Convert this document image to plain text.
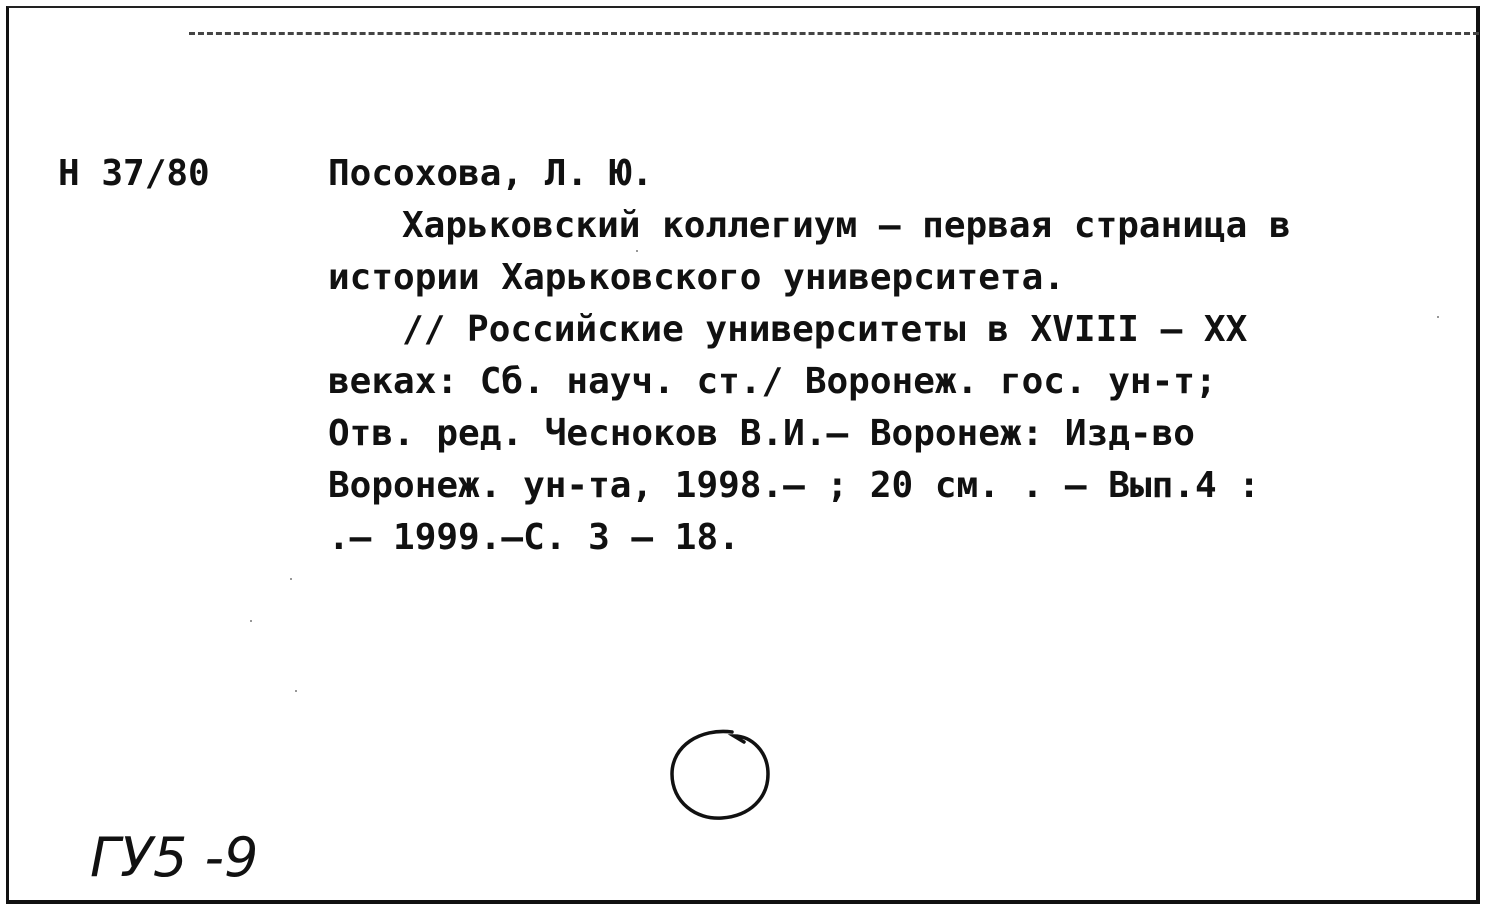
Н 37/80	Посохова, Л. Ю.

Харьковский коллегиум – первая страница в

истории Харьковского университета.

// Российские университеты в XVIII – XX

веках: Сб. науч. ст./ Воронеж. гос. ун-т;

Отв. ред. Чесноков В.И.– Воронеж: Изд-во

Воронеж. ун-та, 1998.– ; 20 см. . – Вып.4 :

.– 1999.–С. 3 – 18.

ГУ5 -9
